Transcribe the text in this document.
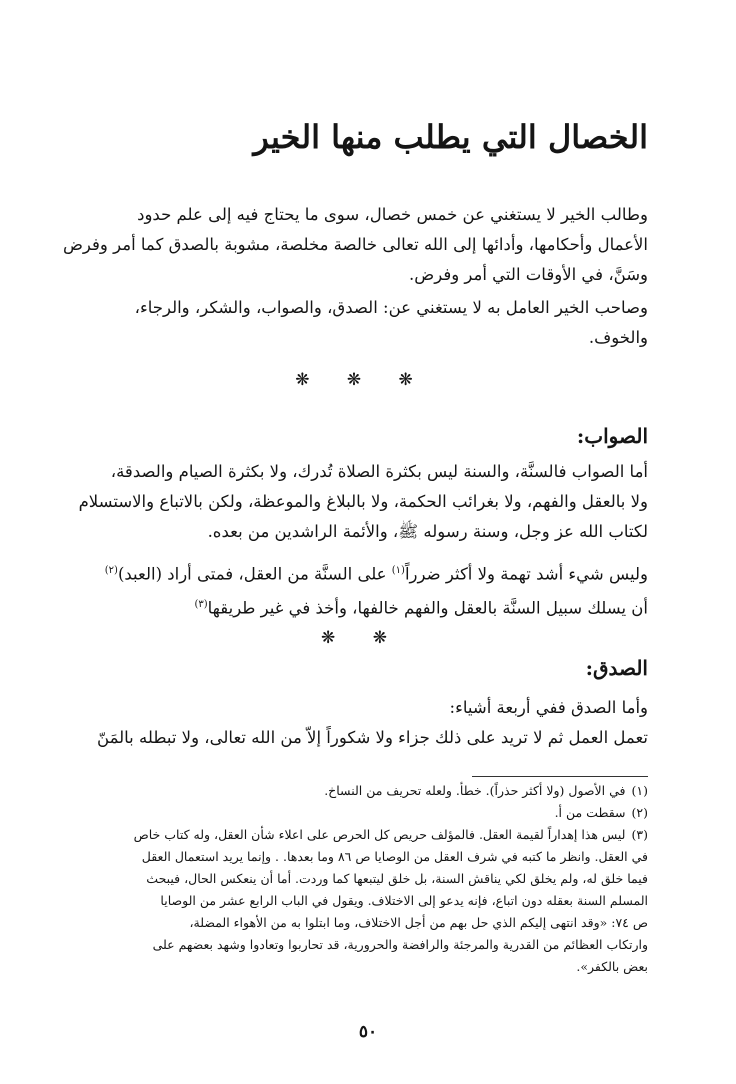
الخصال التي يطلب منها الخير
وطالب الخير لا يستغني عن خمس خصال، سوى ما يحتاج فيه إلى علم حدود
الأعمال وأحكامها، وأدائها إلى الله تعالى خالصة مخلصة، مشوبة بالصدق كما أمر وفرض
وسَنَّ، في الأوقات التي أمر وفرض.
وصاحب الخير العامل به لا يستغني عن: الصدق، والصواب، والشكر، والرجاء،
والخوف.
❋ ❋ ❋
الصواب:
أما الصواب فالسنَّة، والسنة ليس بكثرة الصلاة تُدرك، ولا بكثرة الصيام والصدقة،
ولا بالعقل والفهم، ولا بغرائب الحكمة، ولا بالبلاغ والموعظة، ولكن بالاتباع والاستسلام
لكتاب الله عز وجل، وسنة رسوله ﷺ، والأئمة الراشدين من بعده.
وليس شيء أشد تهمة ولا أكثر ضرراً$^{(١)}$ على السنَّة من العقل، فمتى أراد (العبد)$^{(٢)}$
أن يسلك سبيل السنَّة بالعقل والفهم خالفها، وأخذ في غير طريقها$^{(٣)}$
❋ ❋
الصدق:
وأما الصدق ففي أربعة أشياء:
تعمل العمل ثم لا تريد على ذلك جزاء ولا شكوراً إلاّ من الله تعالى، ولا تبطله بالمَنّ
(١)في الأصول (ولا أكثر حذراً). خطأ. ولعله تحريف من النساخ.
(٢)سقطت من أ.
(٣)ليس هذا إهداراً لقيمة العقل. فالمؤلف حريص كل الحرص على اعلاء شأن العقل، وله كتاب خاص
في العقل. وانظر ما كتبه في شرف العقل من الوصايا ص ٨٦ وما بعدها. . وإنما يريد استعمال العقل
فيما خلق له، ولم يخلق لكي يناقش السنة، بل خلق ليتبعها كما وردت. أما أن ينعكس الحال، فيبحث
المسلم السنة بعقله دون اتباع، فإنه يدعو إلى الاختلاف. ويقول في الباب الرابع عشر من الوصايا
ص ٧٤: «وقد انتهى إليكم الذي حل بهم من أجل الاختلاف، وما ابتلوا به من الأهواء المضلة،
وارتكاب العظائم من القدرية والمرجئة والرافضة والحرورية، قد تحاربوا وتعادوا وشهد بعضهم على
بعض بالكفر».
٥٠
